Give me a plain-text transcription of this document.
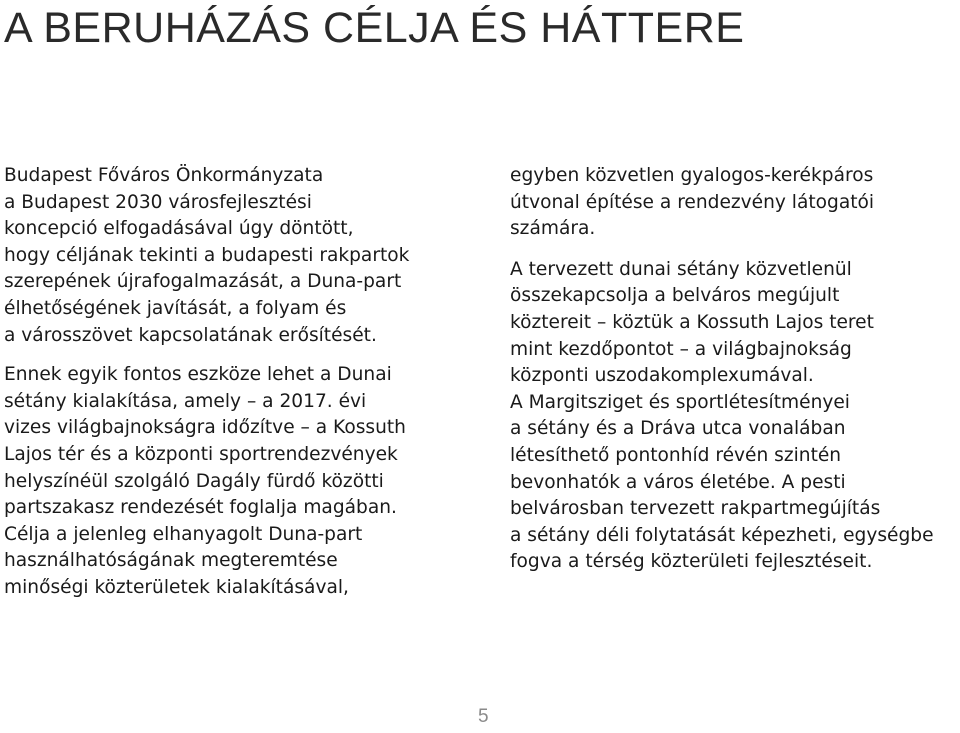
A BERUHÁZÁS CÉLJA ÉS HÁTTERE

Budapest Főváros Önkormányzata
a Budapest 2030 városfejlesztési
koncepció elfogadásával úgy döntött,
hogy céljának tekinti a budapesti rakpartok
szerepének újrafogalmazását, a Duna-part
élhetőségének javítását, a folyam és
a városszövet kapcsolatának erősítését.

Ennek egyik fontos eszköze lehet a Dunai
sétány kialakítása, amely – a 2017. évi
vizes világbajnokságra időzítve – a Kossuth
Lajos tér és a központi sportrendezvények
helyszínéül szolgáló Dagály fürdő közötti
partszakasz rendezését foglalja magában.
Célja a jelenleg elhanyagolt Duna-part
használhatóságának megteremtése
minőségi közterületek kialakításával,

egyben közvetlen gyalogos-kerékpáros
útvonal építése a rendezvény látogatói
számára.

A tervezett dunai sétány közvetlenül
összekapcsolja a belváros megújult
köztereit – köztük a Kossuth Lajos teret
mint kezdőpontot – a világbajnokság
központi uszodakomplexumával.
A Margitsziget és sportlétesítményei
a sétány és a Dráva utca vonalában
létesíthető pontonhíd révén szintén
bevonhatók a város életébe. A pesti
belvárosban tervezett rakpartmegújítás
a sétány déli folytatását képezheti, egységbe
fogva a térség közterületi fejlesztéseit.

5
